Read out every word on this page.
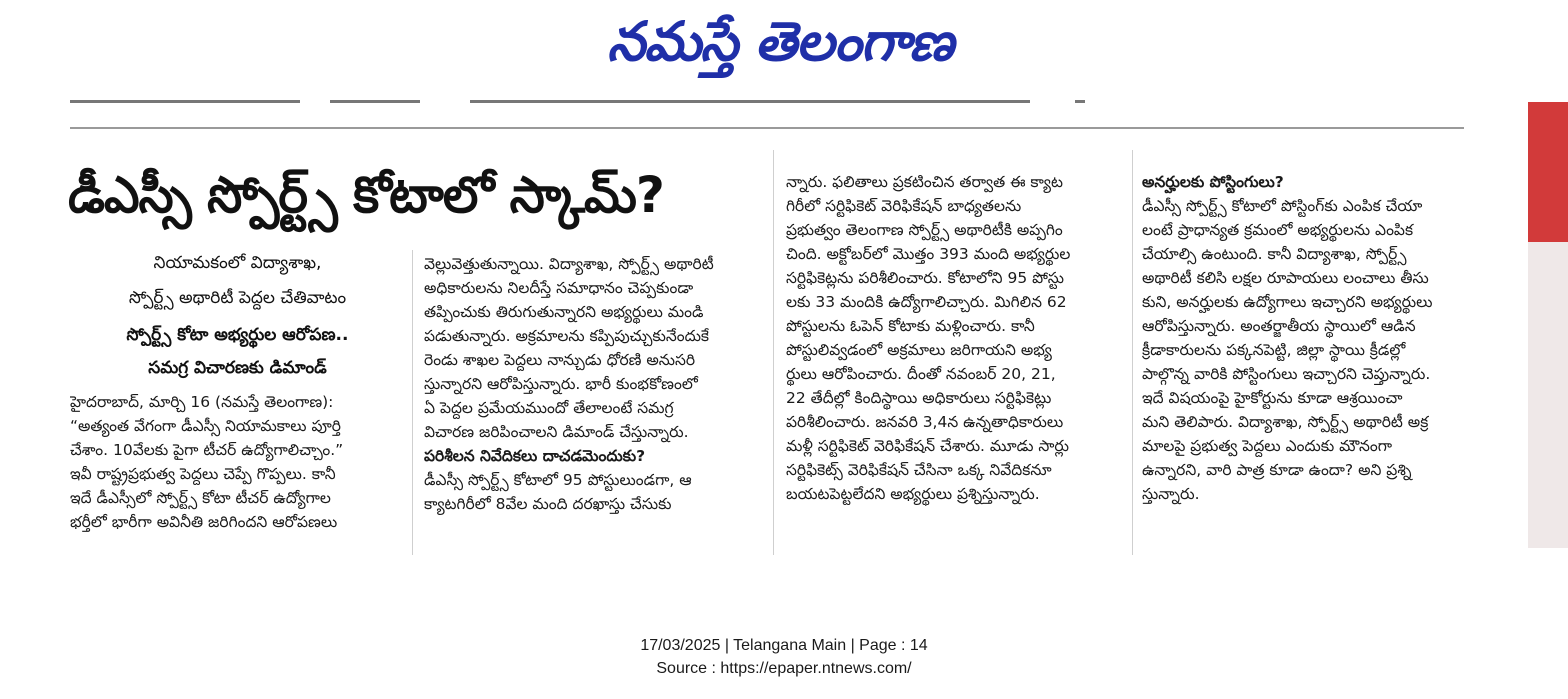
నమస్తే తెలంగాణ
డీఎస్సీ స్పోర్ట్స్ కోటాలో స్కామ్?
నియామకంలో విద్యాశాఖ,
స్పోర్ట్స్ అథారిటీ పెద్దల చేతివాటం
స్పోర్ట్స్ కోటా అభ్యర్థుల ఆరోపణ..
సమగ్ర విచారణకు డిమాండ్
హైదరాబాద్, మార్చి 16 (నమస్తే తెలంగాణ):
“అత్యంత వేగంగా డీఎస్సీ నియామకాలు పూర్తి
చేశాం. 10వేలకు పైగా టీచర్ ఉద్యోగాలిచ్చాం.”
ఇవీ రాష్ట్రప్రభుత్వ పెద్దలు చెప్పే గొప్పలు. కానీ
ఇదే డీఎస్సీలో స్పోర్ట్స్ కోటా టీచర్ ఉద్యోగాల
భర్తీలో భారీగా అవినీతి జరిగిందని ఆరోపణలు
వెల్లువెత్తుతున్నాయి. విద్యాశాఖ, స్పోర్ట్స్ అథారిటీ
అధికారులను నిలదీస్తే సమాధానం చెప్పకుండా
తప్పించుకు తిరుగుతున్నారని అభ్యర్థులు మండి
పడుతున్నారు. అక్రమాలను కప్పిపుచ్చుకునేందుకే
రెండు శాఖల పెద్దలు నాన్చుడు ధోరణి అనుసరి
స్తున్నారని ఆరోపిస్తున్నారు. భారీ కుంభకోణంలో
ఏ పెద్దల ప్రమేయముందో తేలాలంటే సమగ్ర
విచారణ జరిపించాలని డిమాండ్ చేస్తున్నారు.
పరిశీలన నివేదికలు దాచడమెందుకు?
డీఎస్సీ స్పోర్ట్స్ కోటాలో 95 పోస్టులుండగా, ఆ
క్యాటగిరీలో 8వేల మంది దరఖాస్తు చేసుకు
న్నారు. ఫలితాలు ప్రకటించిన తర్వాత ఈ క్యాట
గిరీలో సర్టిఫికెట్ వెరిఫికేషన్ బాధ్యతలను
ప్రభుత్వం తెలంగాణ స్పోర్ట్స్ అథారిటీకి అప్పగిం
చింది. అక్టోబర్‌లో మొత్తం 393 మంది అభ్యర్థుల
సర్టిఫికెట్లను పరిశీలించారు. కోటాలోని 95 పోస్టు
లకు 33 మందికి ఉద్యోగాలిచ్చారు. మిగిలిన 62
పోస్టులను ఓపెన్ కోటాకు మళ్లించారు. కానీ
పోస్టులివ్వడంలో అక్రమాలు జరిగాయని అభ్య
ర్థులు ఆరోపించారు. దీంతో నవంబర్ 20, 21,
22 తేదీల్లో కిందిస్థాయి అధికారులు సర్టిఫికెట్లు
పరిశీలించారు. జనవరి 3,4న ఉన్నతాధికారులు
మళ్లీ సర్టిఫికెట్ వెరిఫికేషన్ చేశారు. మూడు సార్లు
సర్టిఫికెట్స్ వెరిఫికేషన్ చేసినా ఒక్క నివేదికనూ
బయటపెట్టలేదని అభ్యర్థులు ప్రశ్నిస్తున్నారు.
అనర్హులకు పోస్టింగులు?
డీఎస్సీ స్పోర్ట్స్ కోటాలో పోస్టింగ్‌కు ఎంపిక చేయా
లంటే ప్రాధాన్యత క్రమంలో అభ్యర్థులను ఎంపిక
చేయాల్సి ఉంటుంది. కానీ విద్యాశాఖ, స్పోర్ట్స్
అథారిటీ కలిసి లక్షల రూపాయలు లంచాలు తీసు
కుని, అనర్హులకు ఉద్యోగాలు ఇచ్చారని అభ్యర్థులు
ఆరోపిస్తున్నారు. అంతర్జాతీయ స్థాయిలో ఆడిన
క్రీడాకారులను పక్కనపెట్టి, జిల్లా స్థాయి క్రీడల్లో
పాల్గొన్న వారికి పోస్టింగులు ఇచ్చారని చెప్తున్నారు.
ఇదే విషయంపై హైకోర్టును కూడా ఆశ్రయించా
మని తెలిపారు. విద్యాశాఖ, స్పోర్ట్స్ అథారిటీ అక్ర
మాలపై ప్రభుత్వ పెద్దలు ఎందుకు మౌనంగా
ఉన్నారని, వారి పాత్ర కూడా ఉందా? అని ప్రశ్ని
స్తున్నారు.
17/03/2025 | Telangana Main | Page : 14
Source : https://epaper.ntnews.com/
